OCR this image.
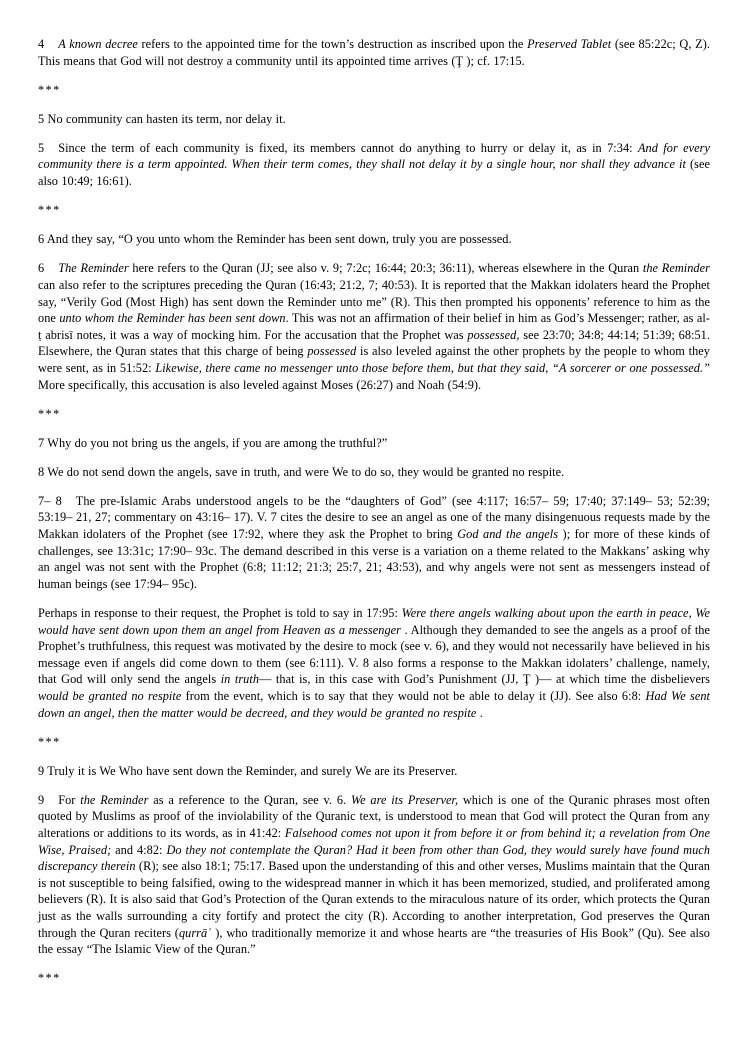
4 A known decree refers to the appointed time for the town’s destruction as inscribed upon the Preserved Tablet (see 85:22c; Q, Z). This means that God will not destroy a community until its appointed time arrives (Ţ ); cf. 17:15.

***

5 No community can hasten its term, nor delay it.

5 Since the term of each community is fixed, its members cannot do anything to hurry or delay it, as in 7:34: And for every community there is a term appointed. When their term comes, they shall not delay it by a single hour, nor shall they advance it (see also 10:49; 16:61).

***

6 And they say, “O you unto whom the Reminder has been sent down, truly you are possessed.

6 The Reminder here refers to the Quran (JJ; see also v. 9; 7:2c; 16:44; 20:3; 36:11), whereas elsewhere in the Quran the Reminder can also refer to the scriptures preceding the Quran (16:43; 21:2, 7; 40:53). It is reported that the Makkan idolaters heard the Prophet say, “Verily God (Most High) has sent down the Reminder unto me” (R). This then prompted his opponents’ reference to him as the one unto whom the Reminder has been sent down. This was not an affirmation of their belief in him as God’s Messenger; rather, as al-ṭ abrisī notes, it was a way of mocking him. For the accusation that the Prophet was possessed, see 23:70; 34:8; 44:14; 51:39; 68:51. Elsewhere, the Quran states that this charge of being possessed is also leveled against the other prophets by the people to whom they were sent, as in 51:52: Likewise, there came no messenger unto those before them, but that they said, “A sorcerer or one possessed.” More specifically, this accusation is also leveled against Moses (26:27) and Noah (54:9).

***

7 Why do you not bring us the angels, if you are among the truthful?”

8 We do not send down the angels, save in truth, and were We to do so, they would be granted no respite.

7– 8 The pre-Islamic Arabs understood angels to be the “daughters of God” (see 4:117; 16:57– 59; 17:40; 37:149– 53; 52:39; 53:19– 21, 27; commentary on 43:16– 17). V. 7 cites the desire to see an angel as one of the many disingenuous requests made by the Makkan idolaters of the Prophet (see 17:92, where they ask the Prophet to bring God and the angels ); for more of these kinds of challenges, see 13:31c; 17:90– 93c. The demand described in this verse is a variation on a theme related to the Makkans’ asking why an angel was not sent with the Prophet (6:8; 11:12; 21:3; 25:7, 21; 43:53), and why angels were not sent as messengers instead of human beings (see 17:94– 95c).

Perhaps in response to their request, the Prophet is told to say in 17:95: Were there angels walking about upon the earth in peace, We would have sent down upon them an angel from Heaven as a messenger . Although they demanded to see the angels as a proof of the Prophet’s truthfulness, this request was motivated by the desire to mock (see v. 6), and they would not necessarily have believed in his message even if angels did come down to them (see 6:111). V. 8 also forms a response to the Makkan idolaters’ challenge, namely, that God will only send the angels in truth— that is, in this case with God’s Punishment (JJ, Ţ )— at which time the disbelievers would be granted no respite from the event, which is to say that they would not be able to delay it (JJ). See also 6:8: Had We sent down an angel, then the matter would be decreed, and they would be granted no respite .

***

9 Truly it is We Who have sent down the Reminder, and surely We are its Preserver.

9 For the Reminder as a reference to the Quran, see v. 6. We are its Preserver, which is one of the Quranic phrases most often quoted by Muslims as proof of the inviolability of the Quranic text, is understood to mean that God will protect the Quran from any alterations or additions to its words, as in 41:42: Falsehood comes not upon it from before it or from behind it; a revelation from One Wise, Praised; and 4:82: Do they not contemplate the Quran? Had it been from other than God, they would surely have found much discrepancy therein (R); see also 18:1; 75:17. Based upon the understanding of this and other verses, Muslims maintain that the Quran is not susceptible to being falsified, owing to the widespread manner in which it has been memorized, studied, and proliferated among believers (R). It is also said that God’s Protection of the Quran extends to the miraculous nature of its order, which protects the Quran just as the walls surrounding a city fortify and protect the city (R). According to another interpretation, God preserves the Quran through the Quran reciters (qurrāʾ ), who traditionally memorize it and whose hearts are “the treasuries of His Book” (Qu). See also the essay “The Islamic View of the Quran.”

***
